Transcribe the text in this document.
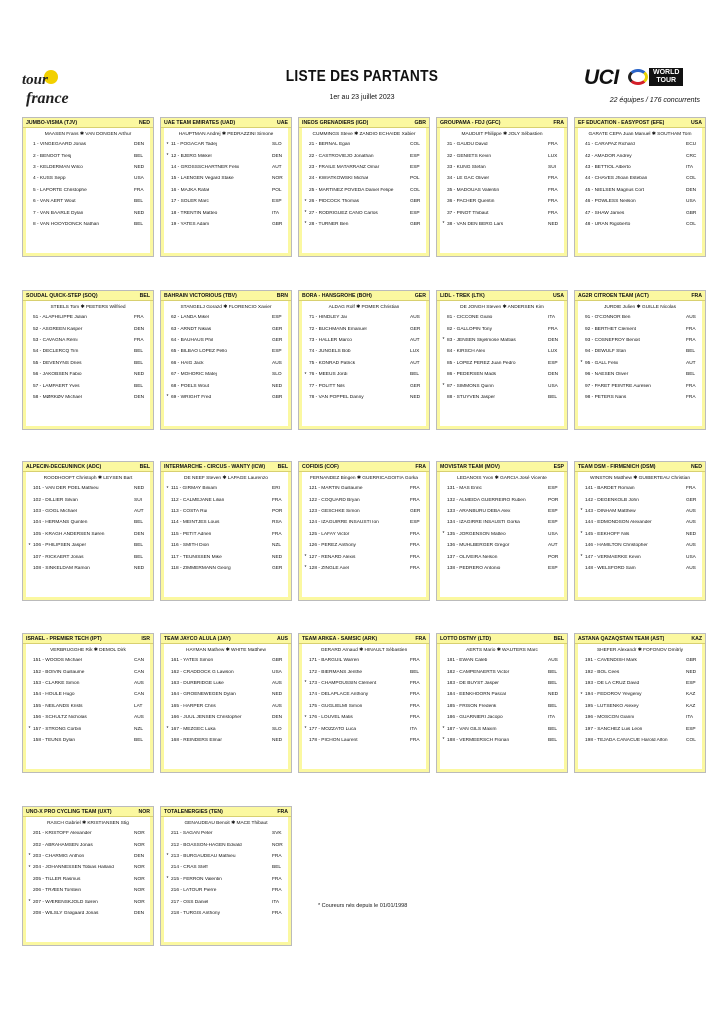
tour
france
LISTE DES PARTANTS
1er au 23 juillet 2023
UCI	WORLD
TOUR
22 équipes / 176 concurrents
JUMBO-VISMA (TJV)	NED
MAASEN Frans ✱ VAN DONGEN Arthur
1 - VINGEGAARD Jonas	DEN
2 - BENOOT Tiesj	BEL
3 - KELDERMAN Wilco	NED
4 - KUSS Sepp	USA
5 - LAPORTE Christophe	FRA
6 - VAN AERT Wout	BEL
7 - VAN BAARLE Dylan	NED
8 - VAN HOOYDONCK Nathan	BEL
UAE TEAM EMIRATES (UAD)	UAE
HAUPTMAN Andrej ✱ PEDRAZZINI Simone
* 11 - POGAČAR Tadej	SLO
* 12 - BJERG Mikkel	DEN
14 - GROSSSCHARTNER Felix	AUT
15 - LAENGEN Vegard Stake	NOR
16 - MAJKA Rafał	POL
17 - SOLER Marc	ESP
18 - TRENTIN Matteo	ITA
19 - YATES Adam	GBR
INEOS GRENADIERS (IGD)	GBR
CUMMINGS Steve ✱ ZANDIO ECHAIDE Xabier
21 - BERNAL Egan	COL
22 - CASTROVIEJO Jonathan	ESP
23 - FRAILE MATARRANZ Omar	ESP
24 - KWIATKOWSKI Michał	POL
25 - MARTINEZ POVEDA Daniel Felipe	COL
* 26 - PIDCOCK Thomas	GBR
* 27 - RODRIGUEZ CANO Carlos	ESP
* 28 - TURNER Ben	GBR
GROUPAMA - FDJ (GFC)	FRA
MAUDUIT Philippe ✱ JOLY Sébastien
31 - GAUDU David	FRA
32 - GENIETS Kevin	LUX
33 - KÜNG Stefan	SUI
34 - LE GAC Olivier	FRA
35 - MADOUAS Valentin	FRA
36 - PACHER Quentin	FRA
37 - PINOT Thibaut	FRA
* 38 - VAN DEN BERG Lars	NED
EF EDUCATION - EASYPOST (EFE)	USA
GARATE CEPA Juan Manuel ✱ SOUTHAM Tom
41 - CARAPAZ Richard	ECU
42 - AMADOR Andrey	CRC
43 - BETTIOL Alberto	ITA
44 - CHAVES Jhoan Esteban	COL
45 - NIELSEN Magnus Cort	DEN
46 - POWLESS Neilson	USA
47 - SHAW James	GBR
48 - URÁN Rigoberto	COL
SOUDAL QUICK-STEP (SOQ)	BEL
STEELS Tom ✱ PEETERS Wilfried
51 - ALAPHILIPPE Julian	FRA
52 - ASGREEN Kasper	DEN
53 - CAVAGNA Rémi	FRA
54 - DECLERCQ Tim	BEL
55 - DEVENYNS Dries	BEL
56 - JAKOBSEN Fabio	NED
57 - LAMPAERT Yves	BEL
58 - MØRKØV Michael	DEN
BAHRAIN VICTORIOUS (TBV)	BRN
STANGELJ Gorazd ✱ FLORENCIO Xavier
62 - LANDA Mikel	ESP
63 - ARNDT Nikias	GER
64 - BAUHAUS Phil	GER
65 - BILBAO LOPEZ Pello	ESP
66 - HAIG Jack	AUS
67 - MOHORIC Matej	SLO
68 - POELS Wout	NED
* 69 - WRIGHT Fred	GBR
BORA - HANSGROHE (BOH)	GER
ALDAG Rolf ✱ POMER Christian
71 - HINDLEY Jai	AUS
72 - BUCHMANN Emanuel	GER
73 - HALLER Marco	AUT
74 - JUNGELS Bob	LUX
75 - KONRAD Patrick	AUT
* 76 - MEEUS Jordi	BEL
77 - POLITT Nils	GER
78 - VAN POPPEL Danny	NED
LIDL - TREK (LTK)	USA
DE JONGH Steven ✱ ANDERSEN Kim
81 - CICCONE Giulio	ITA
82 - GALLOPIN Tony	FRA
* 83 - JENSEN Skjelmose Mattias	DEN
84 - KIRSCH Alex	LUX
85 - LOPEZ PEREZ Juan Pedro	ESP
86 - PEDERSEN Mads	DEN
* 87 - SIMMONS Quinn	USA
88 - STUYVEN Jasper	BEL
AG2R CITROEN TEAM (ACT)	FRA
JURDIE Julien ✱ GUILLE Nicolas
91 - O'CONNOR Ben	AUS
92 - BERTHET Clément	FRA
93 - COSNEFROY Benoit	FRA
94 - DEWULF Stan	BEL
* 95 - GALL Felix	AUT
96 - NAESEN Oliver	BEL
97 - PARET PEINTRE Aurélien	FRA
98 - PETERS Nans	FRA
ALPECIN-DECEUNINCK (ADC)	BEL
ROODHOOFT Christoph ✱ LEYSEN Bart
101 - VAN DER POEL Mathieu	NED
102 - DILLIER Silvan	SUI
103 - GOGL Michael	AUT
104 - HERMANS Quinten	BEL
105 - KRAGH ANDERSEN Søren	DEN
* 106 - PHILIPSEN Jasper	BEL
107 - RICKAERT Jonas	BEL
108 - SINKELDAM Ramon	NED
INTERMARCHÉ - CIRCUS - WANTY (ICW) BEL
DE NEEF Steven ✱ LAPAGE Laurenzo
* 111 - GIRMAY Biniam	ERI
112 - CALMEJANE Lilian	FRA
113 - COSTA Rui	POR
114 - MEINTJES Louis	RSA
115 - PETIT Adrien	FRA
116 - SMITH Dion	NZL
117 - TEUNISSEN Mike	NED
118 - ZIMMERMANN Georg	GER
COFIDIS (COF)	FRA
FERNANDEZ Bingen ✱ GUERRICAGOITIA Gorka
121 - MARTIN Guillaume	FRA
122 - COQUARD Bryan	FRA
123 - GESCHKE Simon	GER
124 - IZAGUIRRE INSAUSTI Ion	ESP
125 - LAFAY Victor	FRA
126 - PEREZ Anthony	FRA
* 127 - RENARD Alexis	FRA
* 128 - ZINGLE Axel	FRA
MOVISTAR TEAM (MOV)	ESP
LEDANOIS Yvon ✱ GARCIA José Vicente
131 - MAS Enric	ESP
132 - ALMEIDA GUERREIRO Ruben	POR
133 - ARANBURU DEBA Alex	ESP
134 - IZAGIRRE INSAUSTI Gorka	ESP
* 135 - JORGENSON Matteo	USA
136 - MÜHLBERGER Gregor	AUT
137 - OLIVEIRA Nelson	POR
138 - PEDRERO Antonio	ESP
TEAM DSM - FIRMENICH (DSM)	NED
WINSTON Matthew ✱ GUIBERTEAU Christian
141 - BARDET Romain	FRA
142 - DEGENKOLB John	GER
* 143 - DINHAM Matthew	AUS
144 - EDMONDSON Alexander	AUS
* 145 - EEKHOFF Nils	NED
146 - HAMILTON Christopher	AUS
* 147 - VERMAERKE Kevin	USA
148 - WELSFORD Sam	AUS
ISRAEL - PREMIER TECH (IPT)	ISR
VERBRUGGHE Rik ✱ DEMOL Dirk
151 - WOODS Michael	CAN
152 - BOIVIN Guillaume	CAN
153 - CLARKE Simon	AUS
154 - HOULE Hugo	CAN
155 - NEILANDS Krists	LAT
156 - SCHULTZ Nicholas	AUS
* 157 - STRONG Corbin	NZL
158 - TEUNS Dylan	BEL
TEAM JAYCO ALULA (JAY)	AUS
HAYMAN Mathew ✱ WHITE Matthew
161 - YATES Simon	GBR
162 - CRADDOCK G Lawson	USA
163 - DURBRIDGE Luke	AUS
164 - GROENEWEGEN Dylan	NED
165 - HARPER Chris	AUS
166 - JUUL JENSEN Christopher	DEN
* 167 - MEZGEC Luka	SLO
168 - REINDERS Elmar	NED
TEAM ARKEA - SAMSIC (ARK)	FRA
GERARD Arnaud ✱ HINAULT Sébastien
171 - BARGUIL Warren	FRA
172 - BIERMANS Jenthe	BEL
* 173 - CHAMPOUSSIN Clément	FRA
174 - DELAPLACE Anthony	FRA
175 - GUGLIELMI Simon	FRA
* 176 - LOUVEL Matis	FRA
* 177 - MOZZATO Luca	ITA
178 - PICHON Laurent	FRA
LOTTO DSTNY (LTD)	BEL
AERTS Mario ✱ WAUTERS Marc
181 - EWAN Caleb	AUS
182 - CAMPENAERTS Victor	BEL
183 - DE BUYST Jasper	BEL
184 - EENKHOORN Pascal	NED
185 - FRISON Frederik	BEL
186 - GUARNIERI Jacopo	ITA
* 187 - VAN GILS Maxim	BEL
* 188 - VERMEERSCH Florian	BEL
ASTANA QAZAQSTAN TEAM (AST)	KAZ
SHEFER Alexandr ✱ FOFONOV Dmitriy
191 - CAVENDISH Mark	GBR
192 - BOL Cees	NED
193 - DE LA CRUZ David	ESP
* 194 - FEDOROV Yevgeniy	KAZ
195 - LUTSENKO Alexey	KAZ
196 - MOSCON Gianni	ITA
197 - SANCHEZ Luis Leon	ESP
198 - TEJADA CANACUE Harold Alfon	COL
UNO-X PRO CYCLING TEAM (UXT)	NOR
RASCH Gabriel ✱ KRISTIANSEN Stig
201 - KRISTOFF Alexander	NOR
202 - ABRAHAMSEN Jonas	NOR
* 203 - CHARMIG Anthon	DEN
* 204 - JOHANNESSEN Tobias Halland	NOR
205 - TILLER Rasmus	NOR
206 - TRÆEN Torstein	NOR
* 207 - WÆRENSKJOLD Søren	NOR
208 - WILSLY Grøgaard Jonas	DEN
TOTALENERGIES (TEN)	FRA
GENAUDEAU Benoit ✱ MACE Thibaut
211 - SAGAN Peter	SVK
212 - BOASSON-HAGEN Edvald	NOR
* 213 - BURGAUDEAU Mathieu	FRA
214 - CRAS Steff	BEL
* 215 - FERRON Valentin	FRA
216 - LATOUR Pierre	FRA
217 - OSS Daniel	ITA
218 - TURGIS Anthony	FRA
* Coureurs nés depuis le 01/01/1998
